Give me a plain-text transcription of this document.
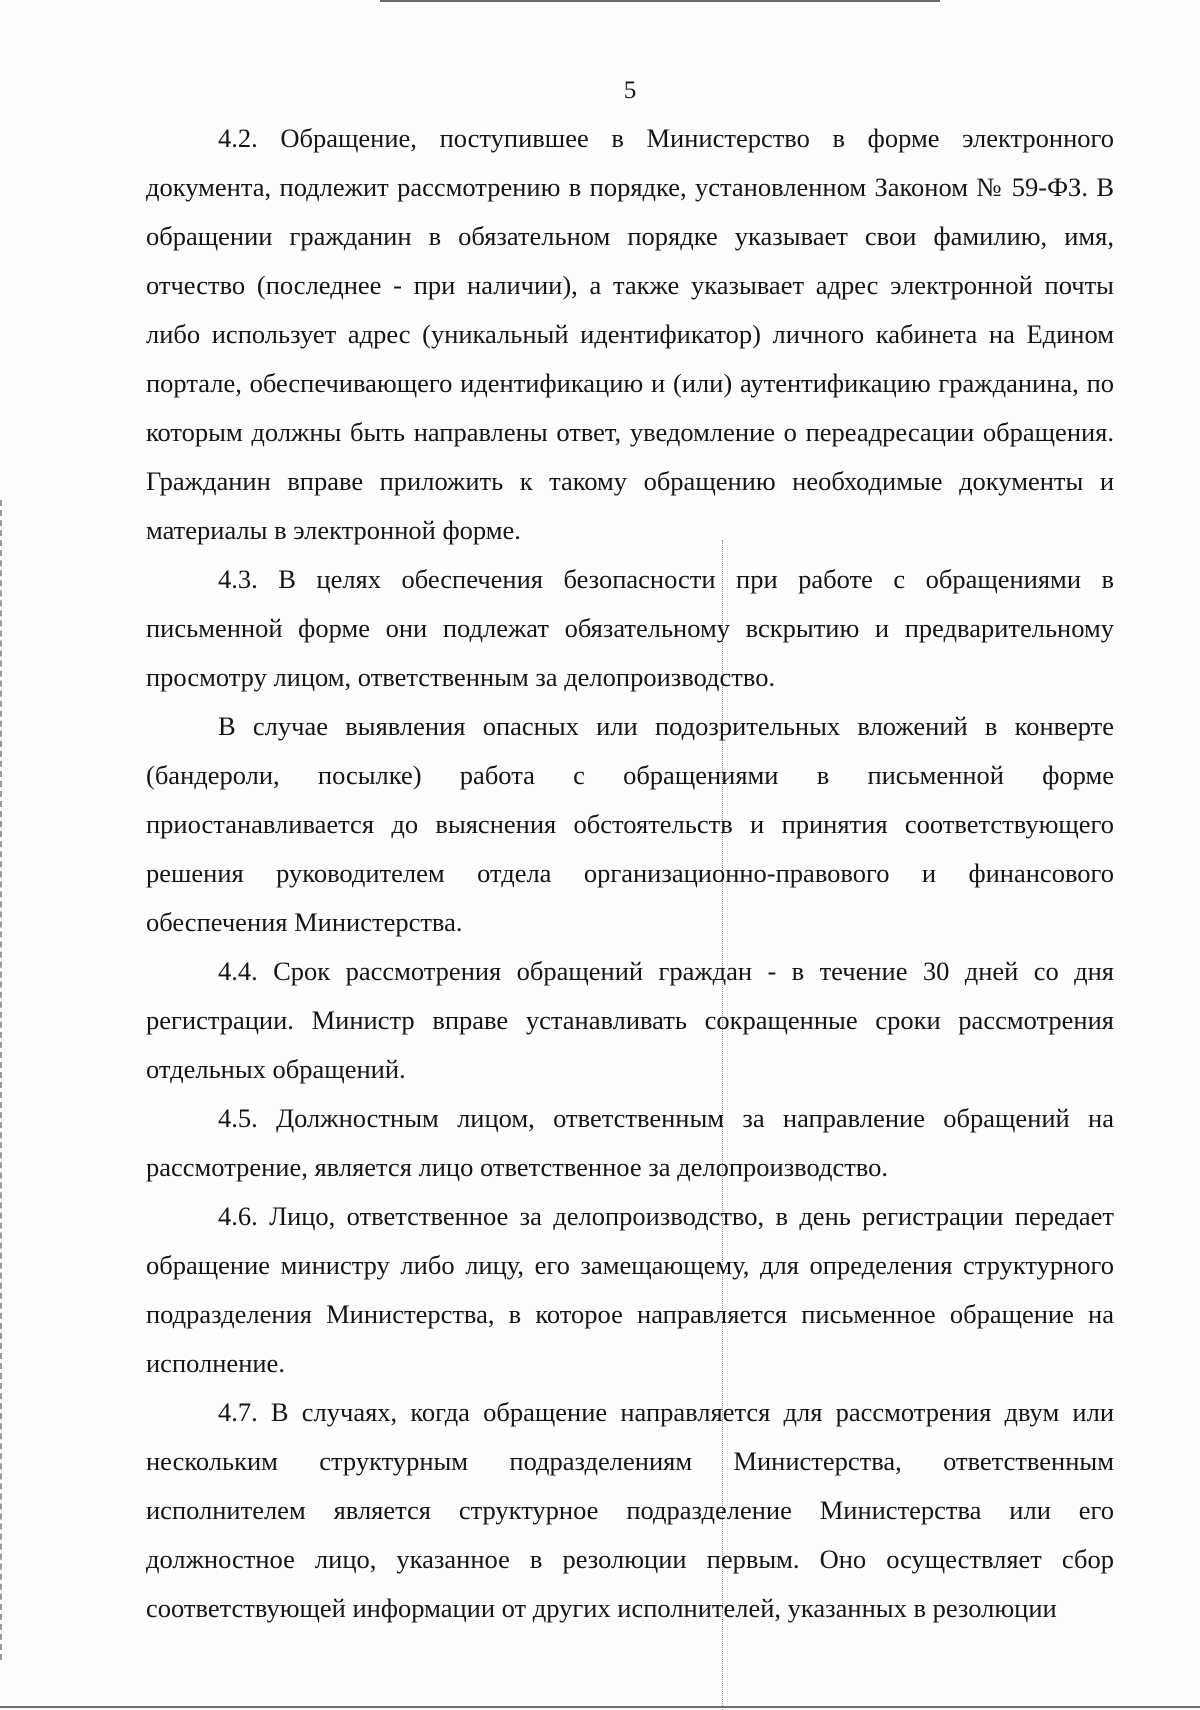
5

4.2. Обращение, поступившее в Министерство в форме электронного документа, подлежит рассмотрению в порядке, установленном Законом № 59-ФЗ. В обращении гражданин в обязательном порядке указывает свои фамилию, имя, отчество (последнее - при наличии), а также указывает адрес электронной почты либо использует адрес (уникальный идентификатор) личного кабинета на Едином портале, обеспечивающего идентификацию и (или) аутентификацию гражданина, по которым должны быть направлены ответ, уведомление о переадресации обращения. Гражданин вправе приложить к такому обращению необходимые документы и материалы в электронной форме.

4.3. В целях обеспечения безопасности при работе с обращениями в письменной форме они подлежат обязательному вскрытию и предварительному просмотру лицом, ответственным за делопроизводство.

В случае выявления опасных или подозрительных вложений в конверте (бандероли, посылке) работа с обращениями в письменной форме приостанавливается до выяснения обстоятельств и принятия соответствующего решения руководителем отдела организационно-правового и финансового обеспечения Министерства.

4.4. Срок рассмотрения обращений граждан - в течение 30 дней со дня регистрации. Министр вправе устанавливать сокращенные сроки рассмотрения отдельных обращений.

4.5. Должностным лицом, ответственным за направление обращений на рассмотрение, является лицо ответственное за делопроизводство.

4.6. Лицо, ответственное за делопроизводство, в день регистрации передает обращение министру либо лицу, его замещающему, для определения структурного подразделения Министерства, в которое направляется письменное обращение на исполнение.

4.7. В случаях, когда обращение направляется для рассмотрения двум или нескольким структурным подразделениям Министерства, ответственным исполнителем является структурное подразделение Министерства или его должностное лицо, указанное в резолюции первым. Оно осуществляет сбор соответствующей информации от других исполнителей, указанных в резолюции
